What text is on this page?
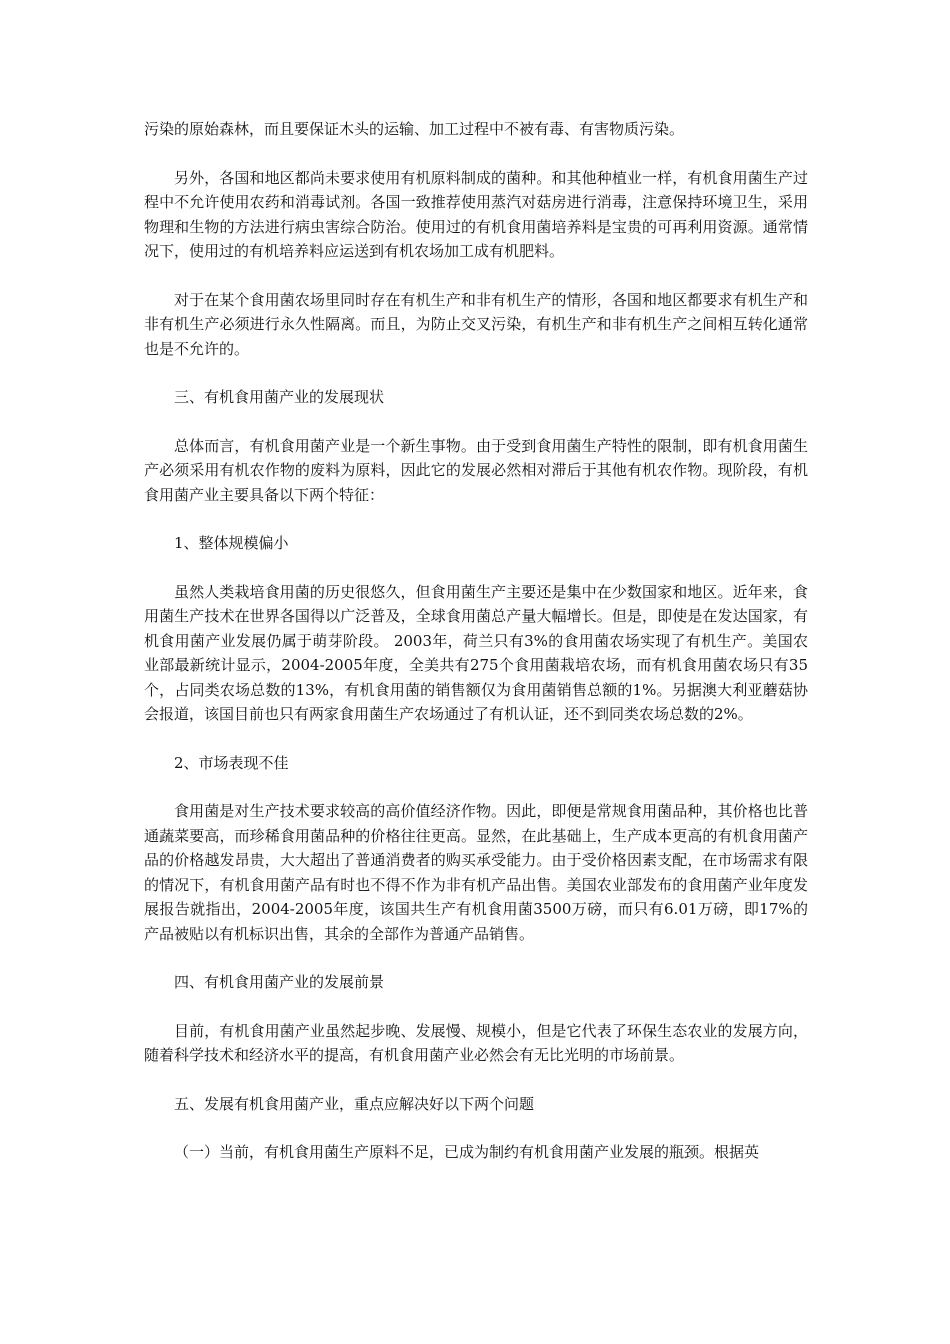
污染的原始森林，而且要保证木头的运输、加工过程中不被有毒、有害物质污染。

另外，各国和地区都尚未要求使用有机原料制成的菌种。和其他种植业一样，有机食用菌生产过程中不允许使用农药和消毒试剂。各国一致推荐使用蒸汽对菇房进行消毒，注意保持环境卫生，采用物理和生物的方法进行病虫害综合防治。使用过的有机食用菌培养料是宝贵的可再利用资源。通常情况下，使用过的有机培养料应运送到有机农场加工成有机肥料。

对于在某个食用菌农场里同时存在有机生产和非有机生产的情形，各国和地区都要求有机生产和非有机生产必须进行永久性隔离。而且，为防止交叉污染，有机生产和非有机生产之间相互转化通常也是不允许的。

三、有机食用菌产业的发展现状

总体而言，有机食用菌产业是一个新生事物。由于受到食用菌生产特性的限制，即有机食用菌生产必须采用有机农作物的废料为原料，因此它的发展必然相对滞后于其他有机农作物。现阶段，有机食用菌产业主要具备以下两个特征：

1、整体规模偏小

虽然人类栽培食用菌的历史很悠久，但食用菌生产主要还是集中在少数国家和地区。近年来，食用菌生产技术在世界各国得以广泛普及，全球食用菌总产量大幅增长。但是，即使是在发达国家，有机食用菌产业发展仍属于萌芽阶段。 2003年，荷兰只有3%的食用菌农场实现了有机生产。美国农业部最新统计显示，2004-2005年度，全美共有275个食用菌栽培农场，而有机食用菌农场只有35个，占同类农场总数的13%，有机食用菌的销售额仅为食用菌销售总额的1%。另据澳大利亚蘑菇协会报道，该国目前也只有两家食用菌生产农场通过了有机认证，还不到同类农场总数的2%。

2、市场表现不佳

食用菌是对生产技术要求较高的高价值经济作物。因此，即便是常规食用菌品种，其价格也比普通蔬菜要高，而珍稀食用菌品种的价格往往更高。显然，在此基础上，生产成本更高的有机食用菌产品的价格越发昂贵，大大超出了普通消费者的购买承受能力。由于受价格因素支配，在市场需求有限的情况下，有机食用菌产品有时也不得不作为非有机产品出售。美国农业部发布的食用菌产业年度发展报告就指出，2004-2005年度，该国共生产有机食用菌3500万磅，而只有6.01万磅，即17%的产品被贴以有机标识出售，其余的全部作为普通产品销售。

四、有机食用菌产业的发展前景

目前，有机食用菌产业虽然起步晚、发展慢、规模小，但是它代表了环保生态农业的发展方向，随着科学技术和经济水平的提高，有机食用菌产业必然会有无比光明的市场前景。

五、发展有机食用菌产业，重点应解决好以下两个问题

（一）当前，有机食用菌生产原料不足，已成为制约有机食用菌产业发展的瓶颈。根据英
